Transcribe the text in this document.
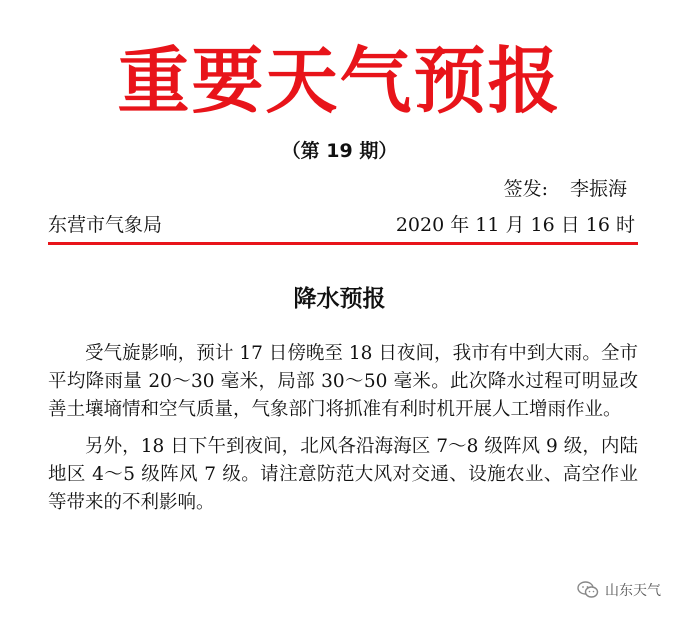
重要天气预报
（第 19 期）
签发: 李振海
东营市气象局	2020 年 11 月 16 日 16 时
降水预报

受气旋影响，预计 17 日傍晚至 18 日夜间，我市有中到大雨。全市平均降雨量 20～30 毫米，局部 30～50 毫米。此次降水过程可明显改善土壤墒情和空气质量，气象部门将抓准有利时机开展人工增雨作业。

另外，18 日下午到夜间，北风各沿海海区 7～8 级阵风 9 级，内陆地区 4～5 级阵风 7 级。请注意防范大风对交通、设施农业、高空作业等带来的不利影响。

山东天气
